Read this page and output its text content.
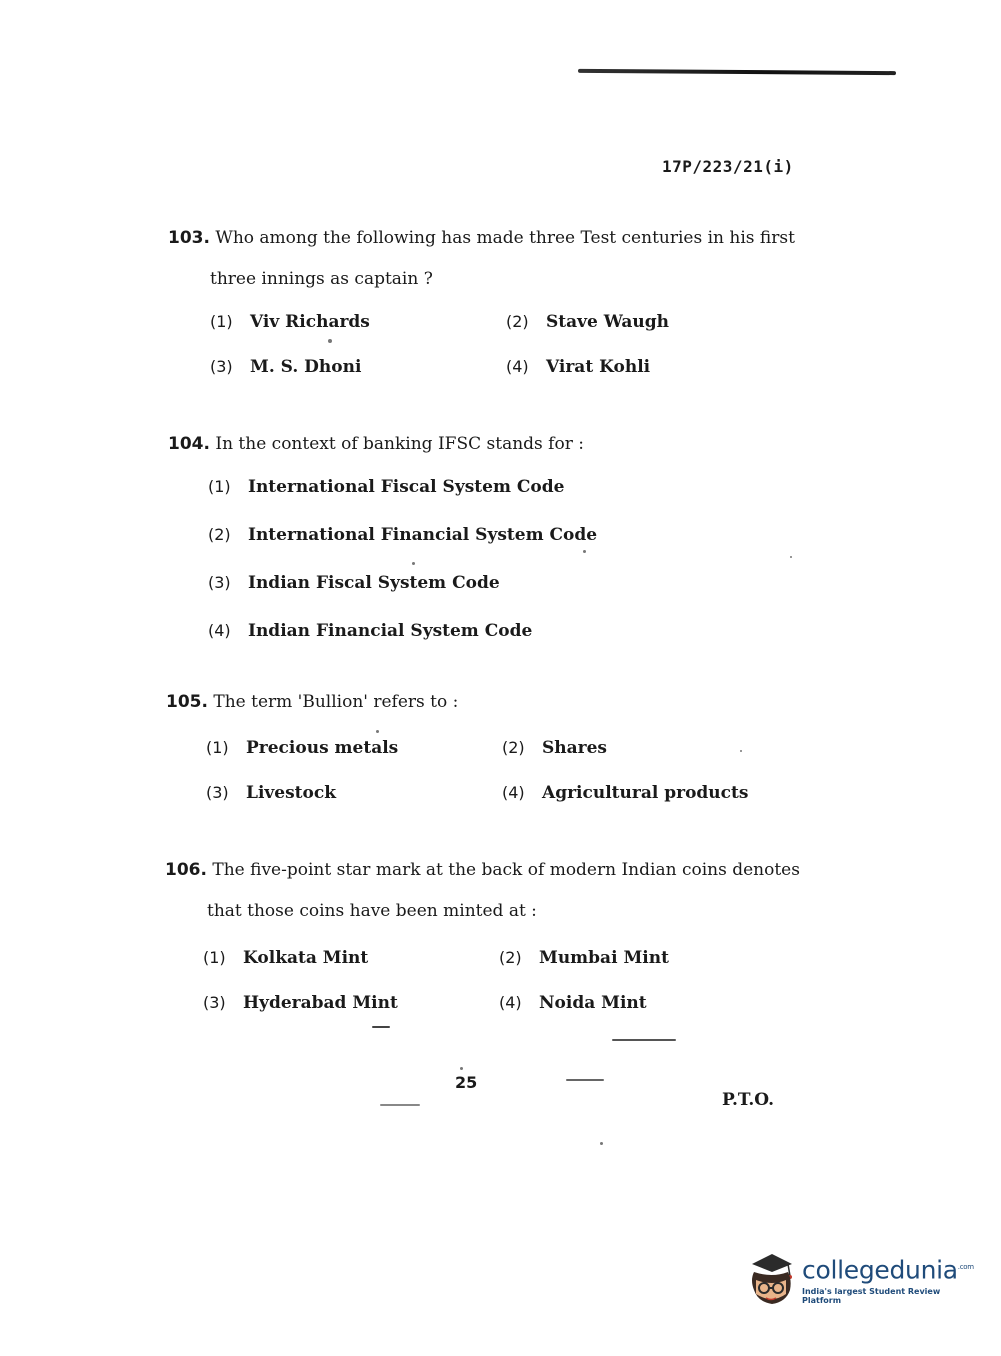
17P/223/21(i)
103. Who among the following has made three Test centuries in his first
three innings as captain ?
(1)	Viv Richards	(2)	Stave Waugh
(3)	M. S. Dhoni	(4)	Virat Kohli
104. In the context of banking IFSC stands for :
(1)	International Fiscal System Code
(2)	International Financial System Code
(3)	Indian Fiscal System Code
(4)	Indian Financial System Code
105. The term 'Bullion' refers to :
(1)	Precious metals	(2)	Shares
(3)	Livestock	(4)	Agricultural products
106. The five-point star mark at the back of modern Indian coins denotes
that those coins have been minted at :
(1)	Kolkata Mint	(2)	Mumbai Mint
(3)	Hyderabad Mint	(4)	Noida Mint
25
P.T.O.
collegedunia$^{.com}$
India's largest Student Review Platform
